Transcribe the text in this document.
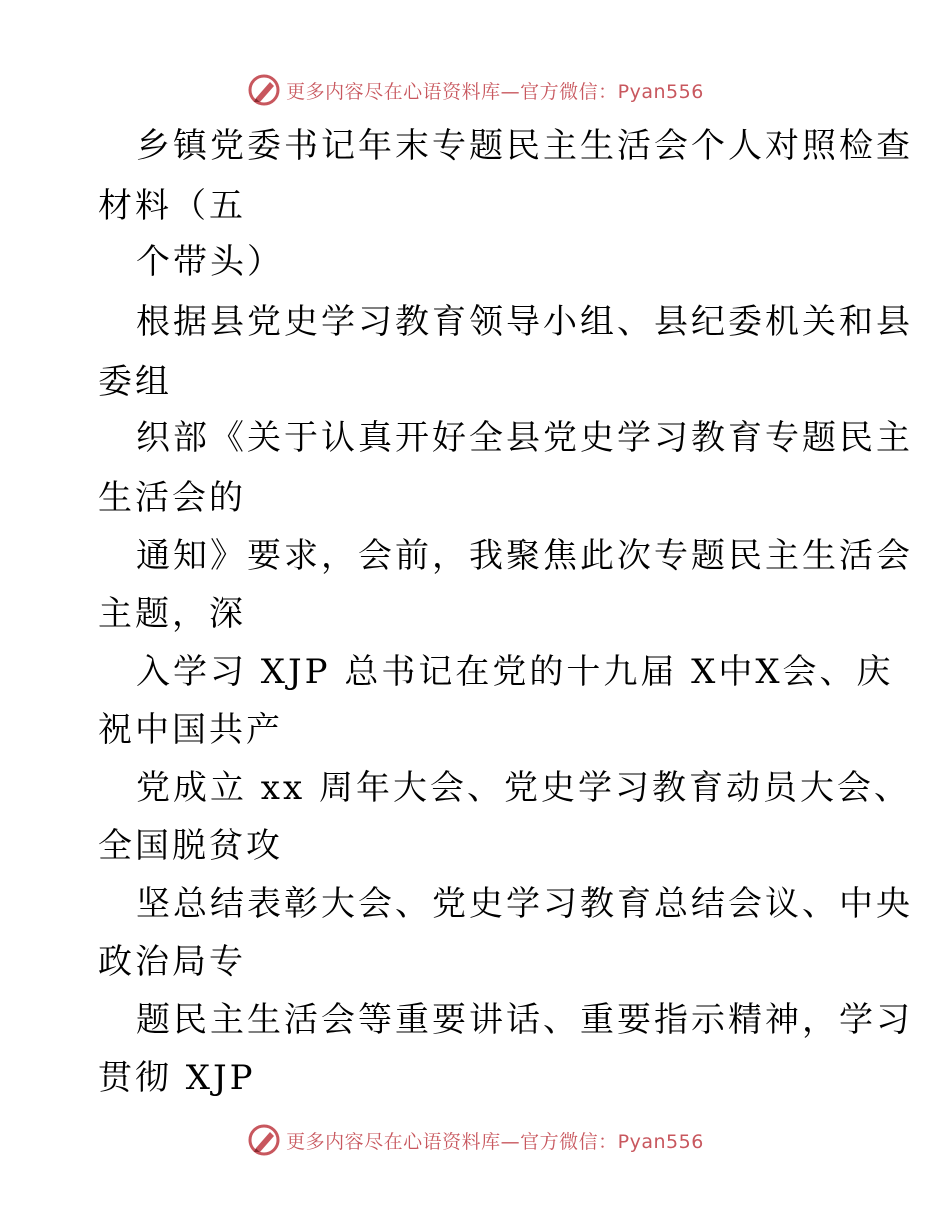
更多内容尽在心语资料库—官方微信：Pyan556
乡镇党委书记年末专题民主生活会个人对照检查
材料（五
个带头）
根据县党史学习教育领导小组、县纪委机关和县
委组
织部《关于认真开好全县党史学习教育专题民主
生活会的
通知》要求，会前，我聚焦此次专题民主生活会
主题，深
入学习 XJP 总书记在党的十九届 X中X会、庆
祝中国共产
党成立 xx 周年大会、党史学习教育动员大会、
全国脱贫攻
坚总结表彰大会、党史学习教育总结会议、中央
政治局专
题民主生活会等重要讲话、重要指示精神，学习
贯彻 XJP
更多内容尽在心语资料库—官方微信：Pyan556
